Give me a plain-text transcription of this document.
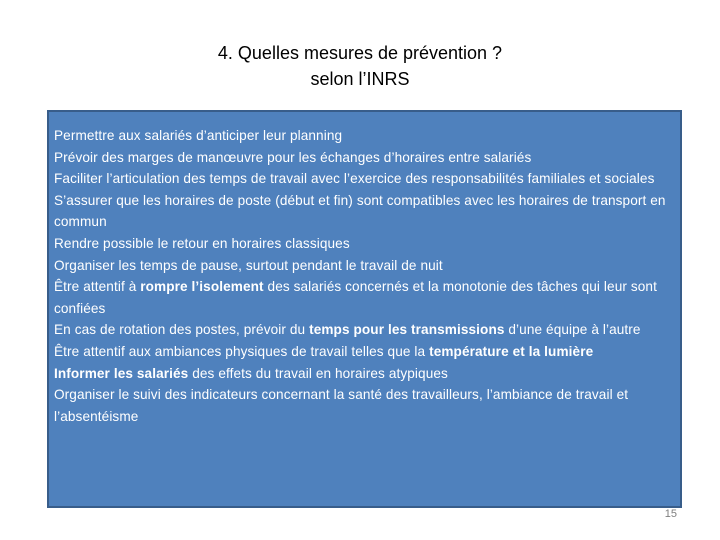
4. Quelles mesures de prévention ?
selon l’INRS
Permettre aux salariés d’anticiper leur planning
Prévoir des marges de manœuvre pour les échanges d’horaires entre salariés
Faciliter l’articulation des temps de travail avec l’exercice des responsabilités familiales et sociales
S’assurer que les horaires de poste (début et fin) sont compatibles avec les horaires de transport en commun
Rendre possible le retour en horaires classiques
Organiser les temps de pause, surtout pendant le travail de nuit
Être attentif à rompre l’isolement des salariés concernés et la monotonie des tâches qui leur sont confiées
En cas de rotation des postes, prévoir du temps pour les transmissions d’une équipe à l’autre
Être attentif aux ambiances physiques de travail telles que la température et la lumière
Informer les salariés des effets du travail en horaires atypiques
Organiser le suivi des indicateurs concernant la santé des travailleurs, l’ambiance de travail et l’absentéisme
15
